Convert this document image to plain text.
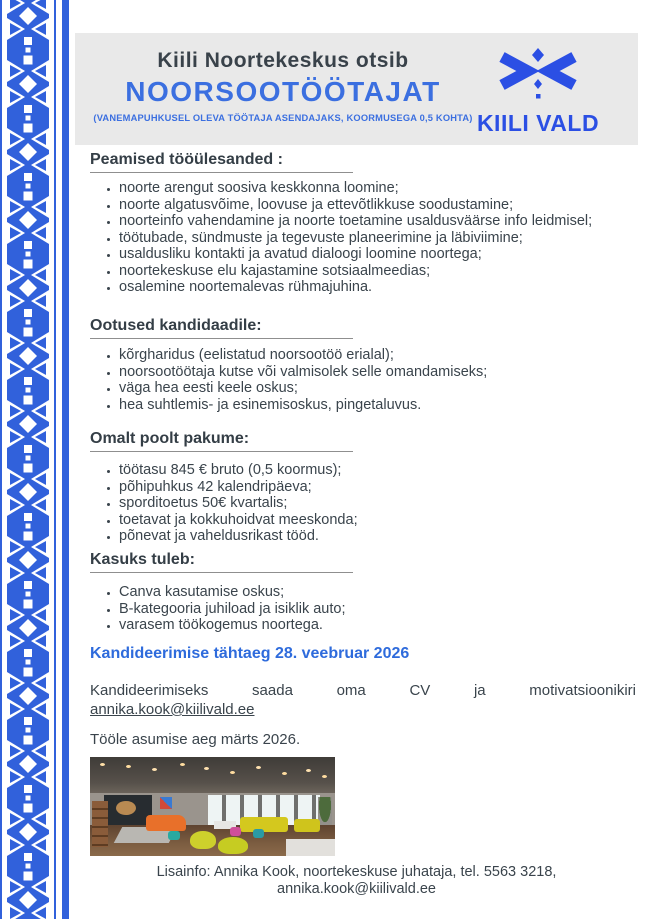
Kiili Noortekeskus otsib
NOORSOOTÖÖTAJAT
(VANEMAPUHKUSEL OLEVA TÖÖTAJA ASENDAJAKS, KOORMUSEGA 0,5 KOHTA) KIILI VALD
Peamised tööülesanded :
• noorte arengut soosiva keskkonna loomine;
• noorte algatusvõime, loovuse ja ettevõtlikkuse soodustamine;
• noorteinfo vahendamine ja noorte toetamine usaldusväärse info leidmisel;
• töötubade, sündmuste ja tegevuste planeerimine ja läbiviimine;
• usaldusliku kontakti ja avatud dialoogi loomine noortega;
• noortekeskuse elu kajastamine sotsiaalmeedias;
• osalemine noortemalevas rühmajuhina.
Ootused kandidaadile:
• kõrgharidus (eelistatud noorsootöö erialal);
• noorsootöötaja kutse või valmisolek selle omandamiseks;
• väga hea eesti keele oskus;
• hea suhtlemis- ja esinemisoskus, pingetaluvus.
Omalt poolt pakume:
• töötasu 845 € bruto (0,5 koormus);
• põhipuhkus 42 kalendripäeva;
• sporditoetus 50€ kvartalis;
• toetavat ja kokkuhoidvat meeskonda;
• põnevat ja vaheldusrikast tööd.
Kasuks tuleb:
• Canva kasutamise oskus;
• B-kategooria juhiload ja isiklik auto;
• varasem töökogemus noortega.
Kandideerimise tähtaeg 28. veebruar 2026
Kandideerimiseks saada oma CV ja motivatsioonikiri
annika.kook@kiilivald.ee
Tööle asumise aeg märts 2026.
Lisainfo: Annika Kook, noortekeskuse juhataja, tel. 5563 3218,
annika.kook@kiilivald.ee
